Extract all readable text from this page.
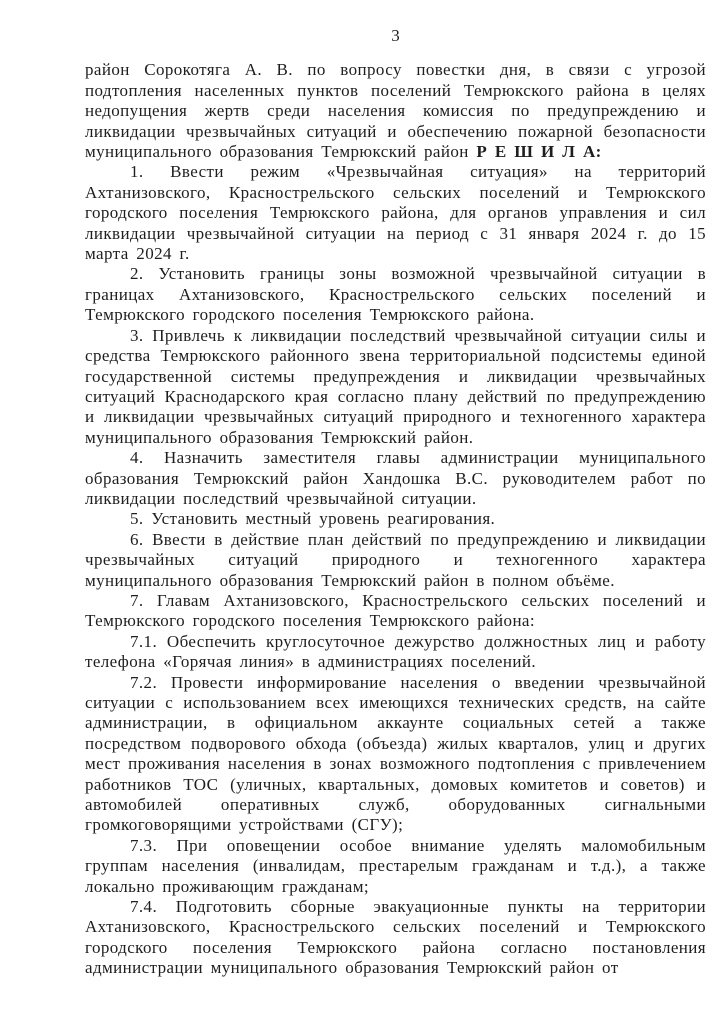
3

район Сорокотяга А. В. по вопросу повестки дня, в связи с угрозой подтопления населенных пунктов поселений Темрюкского района в целях недопущения жертв среди населения комиссия по предупреждению и ликвидации чрезвычайных ситуаций и обеспечению пожарной безопасности муниципального образования Темрюкский район Р Е Ш И Л А:

1. Ввести режим «Чрезвычайная ситуация» на территорий Ахтанизовского, Краснострельского сельских поселений и Темрюкского городского поселения Темрюкского района, для органов управления и сил ликвидации чрезвычайной ситуации на период с 31 января 2024 г. до 15 марта 2024 г.

2. Установить границы зоны возможной чрезвычайной ситуации в границах Ахтанизовского, Краснострельского сельских поселений и Темрюкского городского поселения Темрюкского района.

3. Привлечь к ликвидации последствий чрезвычайной ситуации силы и средства Темрюкского районного звена территориальной подсистемы единой государственной системы предупреждения и ликвидации чрезвычайных ситуаций Краснодарского края согласно плану действий по предупреждению и ликвидации чрезвычайных ситуаций природного и техногенного характера муниципального образования Темрюкский район.

4. Назначить заместителя главы администрации муниципального образования Темрюкский район Хандошка В.С. руководителем работ по ликвидации последствий чрезвычайной ситуации.

5. Установить местный уровень реагирования.

6. Ввести в действие план действий по предупреждению и ликвидации чрезвычайных ситуаций природного и техногенного характера муниципального образования Темрюкский район в полном объёме.

7. Главам Ахтанизовского, Краснострельского сельских поселений и Темрюкского городского поселения Темрюкского района:

7.1. Обеспечить круглосуточное дежурство должностных лиц и работу телефона «Горячая линия» в администрациях поселений.

7.2. Провести информирование населения о введении чрезвычайной ситуации с использованием всех имеющихся технических средств, на сайте администрации, в официальном аккаунте социальных сетей а также посредством подворового обхода (объезда) жилых кварталов, улиц и других мест проживания населения в зонах возможного подтопления с привлечением работников ТОС (уличных, квартальных, домовых комитетов и советов) и автомобилей оперативных служб, оборудованных сигнальными громкоговорящими устройствами (СГУ);

7.3. При оповещении особое внимание уделять маломобильным группам населения (инвалидам, престарелым гражданам и т.д.), а также локально проживающим гражданам;

7.4. Подготовить сборные эвакуационные пункты на территории Ахтанизовского, Краснострельского сельских поселений и Темрюкского городского поселения Темрюкского района согласно постановления администрации муниципального образования Темрюкский район от
